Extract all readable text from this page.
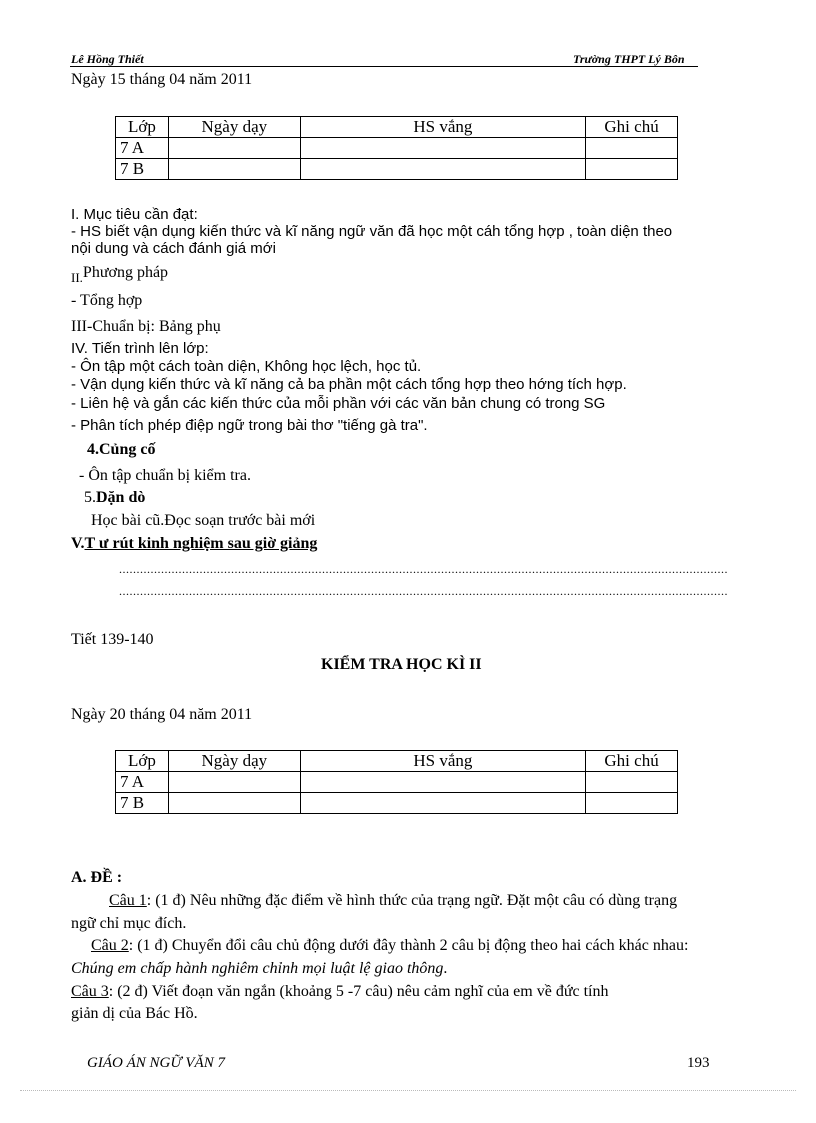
Lê Hồng Thiết	Trường THPT Lý Bôn
Ngày 15 tháng 04 năm 2011
Lớp	Ngày dạy	HS vắng	Ghi chú
7 A			
7 B			
I. Mục tiêu cần đạt:
- HS biết vận dụng kiến thức và kĩ năng ngữ văn đã học một cáh tổng hợp , toàn diện theo
nội dung và cách đánh giá mới
$_{II.}$Phương pháp
- Tổng hợp
III-Chuẩn bị: Bảng phụ
IV. Tiến trình lên lớp:
- Ôn tập một cách toàn diện, Không học lệch, học tủ.
- Vận dụng kiến thức và kĩ năng cả ba phần một cách tổng hợp theo hớng tích hợp.
- Liên hệ và gắn các kiến thức của mỗi phần với các văn bản chung có trong SG
- Phân tích phép điệp ngữ trong bài thơ "tiếng gà tra".
4.Củng cố
- Ôn tập chuẩn bị kiểm tra.
5.Dặn dò
Học bài cũ.Đọc soạn trước bài mới
V.T ư rút kinh nghiệm sau giờ giảng
..............................................................................................................................................................................
..............................................................................................................................................................................
Tiết 139-140
KIỂM TRA HỌC KÌ II
Ngày 20 tháng 04 năm 2011
Lớp	Ngày dạy	HS vắng	Ghi chú
7 A			
7 B			
A. ĐỀ :
Câu 1: (1 đ) Nêu những đặc điểm về hình thức của trạng ngữ. Đặt một câu có dùng trạng
ngữ chỉ mục đích.
Câu 2: (1 đ) Chuyển đổi câu chủ động dưới đây thành 2 câu bị động theo hai cách khác nhau:
Chúng em chấp hành nghiêm chỉnh mọi luật lệ giao thông.
Câu 3: (2 đ) Viết đoạn văn ngắn (khoảng 5 -7 câu) nêu cảm nghĩ của em về đức tính
giản dị của Bác Hồ.
GIÁO ÁN NGỮ VĂN 7	193
